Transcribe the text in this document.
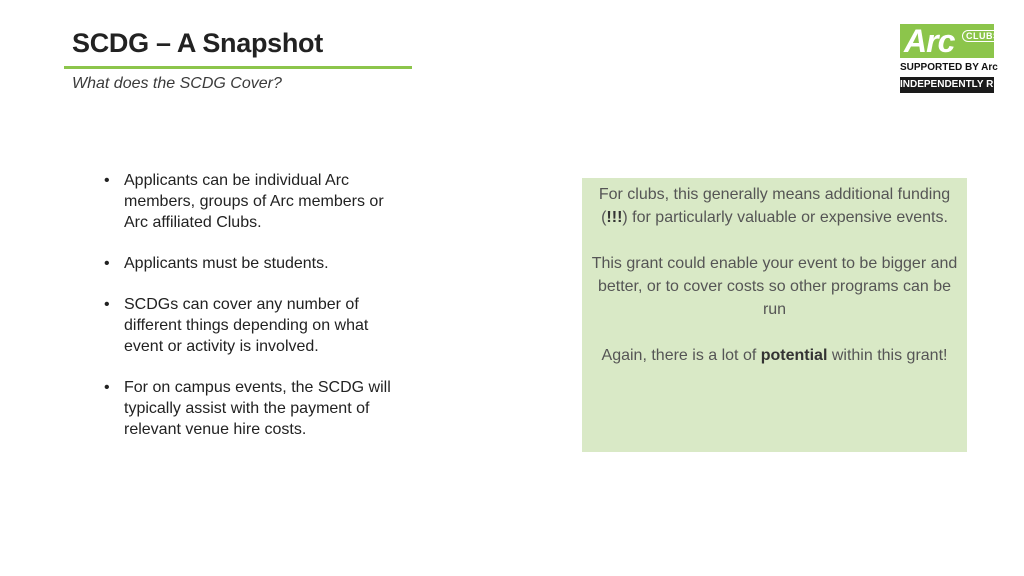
SCDG – A Snapshot
What does the SCDG Cover?
Arc	CLUBS
SUPPORTED BY Arc
INDEPENDENTLY RUN
• Applicants can be individual Arc members, groups of Arc members or Arc affiliated Clubs.
• Applicants must be students.
• SCDGs can cover any number of different things depending on what event or activity is involved.
• For on campus events, the SCDG will typically assist with the payment of relevant venue hire costs.

For clubs, this generally means additional funding (!!!) for particularly valuable or expensive events.

This grant could enable your event to be bigger and better, or to cover costs so other programs can be run

Again, there is a lot of potential within this grant!
